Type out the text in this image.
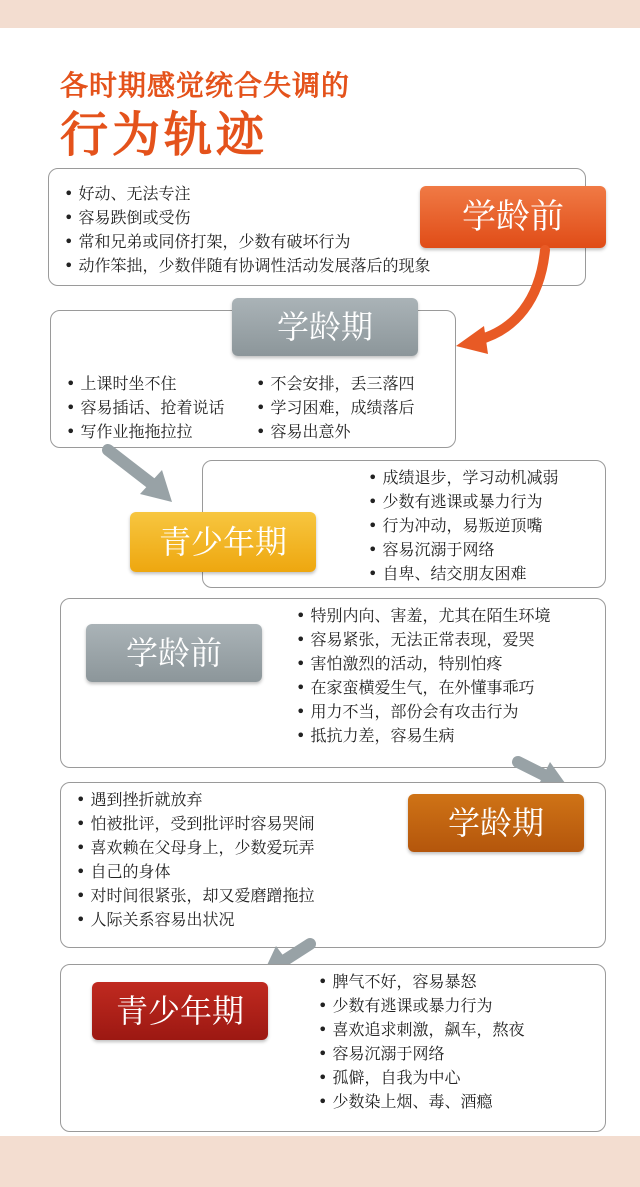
各时期感觉统合失调的
行为轨迹
• 好动、无法专注
• 容易跌倒或受伤
• 常和兄弟或同侪打架，少数有破坏行为
• 动作笨拙，少数伴随有协调性活动发展落后的现象
学龄前
学龄期
• 上课时坐不住
• 容易插话、抢着说话
• 写作业拖拖拉拉
• 不会安排，丢三落四
• 学习困难，成绩落后
• 容易出意外
• 成绩退步，学习动机减弱
• 少数有逃课或暴力行为
• 行为冲动，易叛逆顶嘴
• 容易沉溺于网络
• 自卑、结交朋友困难
青少年期
学龄前
• 特别内向、害羞，尤其在陌生环境
• 容易紧张，无法正常表现，爱哭
• 害怕激烈的活动，特别怕疼
• 在家蛮横爱生气，在外懂事乖巧
• 用力不当，部份会有攻击行为
• 抵抗力差，容易生病
• 遇到挫折就放弃
• 怕被批评，受到批评时容易哭闹
• 喜欢赖在父母身上，少数爱玩弄
• 自己的身体
• 对时间很紧张，却又爱磨蹭拖拉
• 人际关系容易出状况
学龄期
青少年期
• 脾气不好，容易暴怒
• 少数有逃课或暴力行为
• 喜欢追求刺激，飙车，熬夜
• 容易沉溺于网络
• 孤僻，自我为中心
• 少数染上烟、毒、酒瘾
